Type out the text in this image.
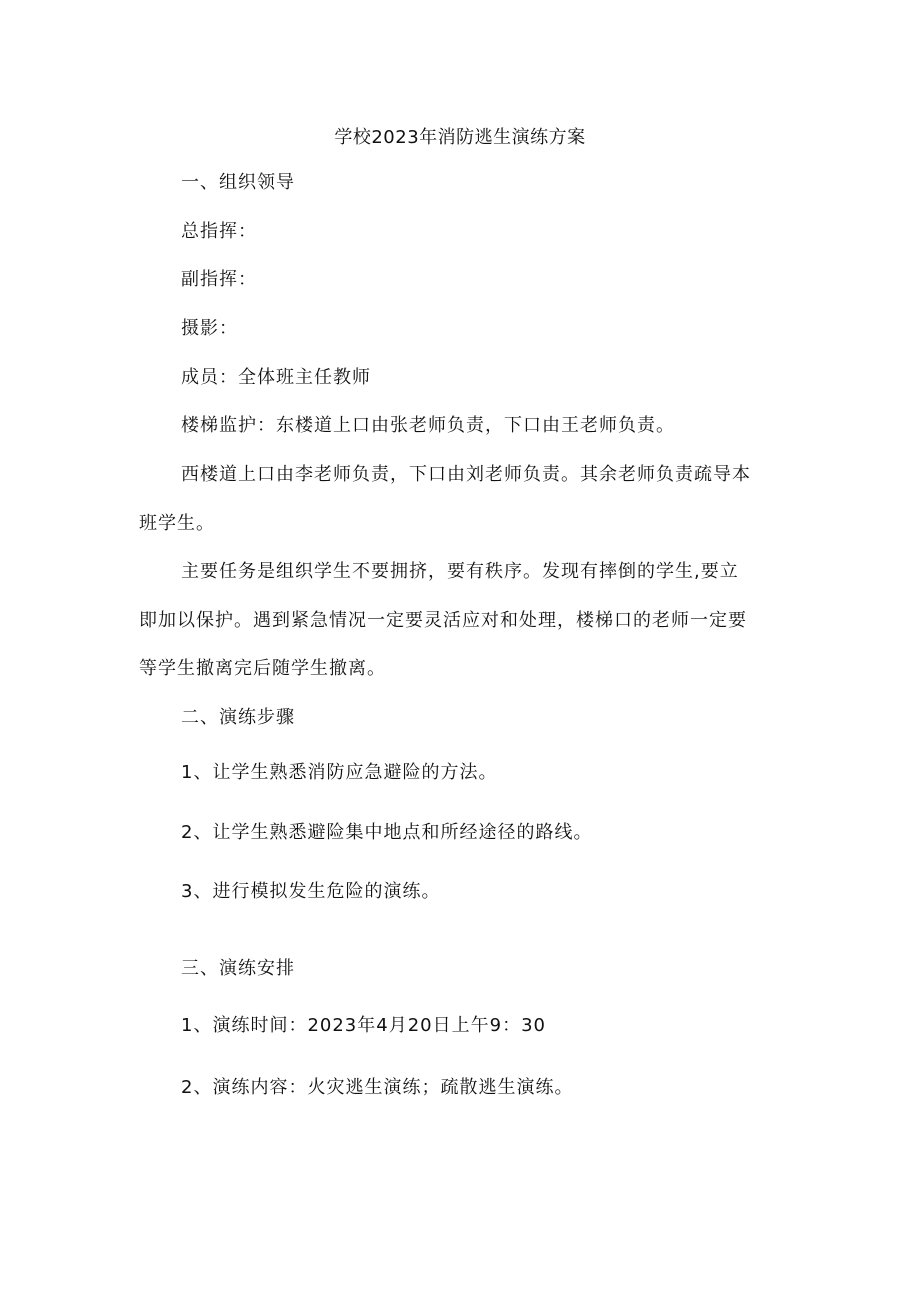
学校2023年消防逃生演练方案
一、组织领导
总指挥：
副指挥：
摄影：
成员：全体班主任教师
楼梯监护：东楼道上口由张老师负责，下口由王老师负责。
西楼道上口由李老师负责，下口由刘老师负责。其余老师负责疏导本
班学生。
主要任务是组织学生不要拥挤，要有秩序。发现有摔倒的学生,要立
即加以保护。遇到紧急情况一定要灵活应对和处理，楼梯口的老师一定要
等学生撤离完后随学生撤离。
二、演练步骤
1、让学生熟悉消防应急避险的方法。
2、让学生熟悉避险集中地点和所经途径的路线。
3、进行模拟发生危险的演练。
三、演练安排
1、演练时间：2023年4月20日上午9：30
2、演练内容：火灾逃生演练；疏散逃生演练。
